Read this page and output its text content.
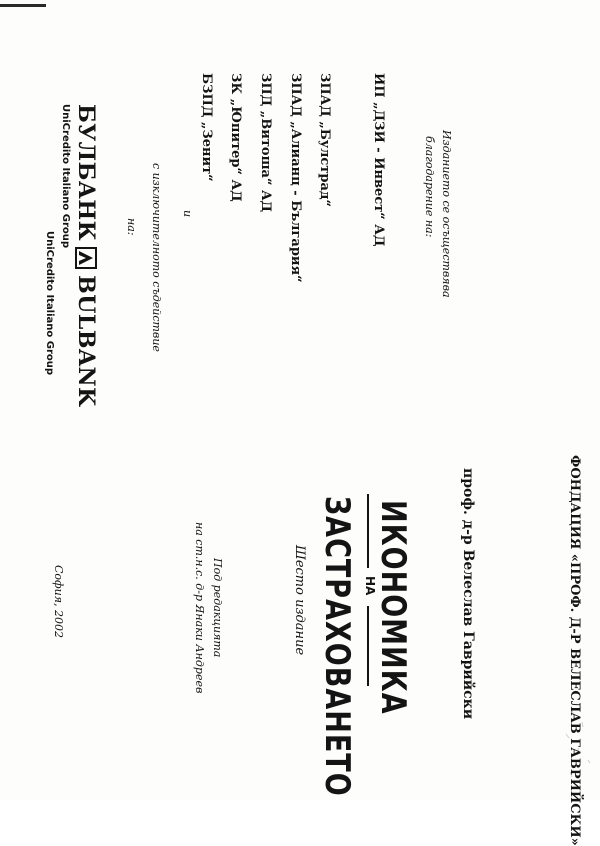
ФОНДАЦИЯ «ПРОФ. Д-Р ВЕЛЕСЛАВ ГАВРИЙСКИ»
проф. д-р Велеслав Гаврийски
ИКОНОМИКА
НА
ЗАСТРАХОВАНЕТО
Шесто издание
Под редакцията
на ст.н.с. д-р Янаки Андреев
София, 2002
Изданието се осъществява
благодарение на:
ИП „ДЗИ - Инвест“ АД
ЗПАД „Булстрад“
ЗПАД „Алианц - България“
ЗПД „Витоша“ АД
ЗК „Юпитер“ АД
БЗПД „Зенит“
и
с изключителното съдействие
на:
БУЛБАНК
BULBANK
UniCredito Italiano Group
UniCredito Italiano Group
